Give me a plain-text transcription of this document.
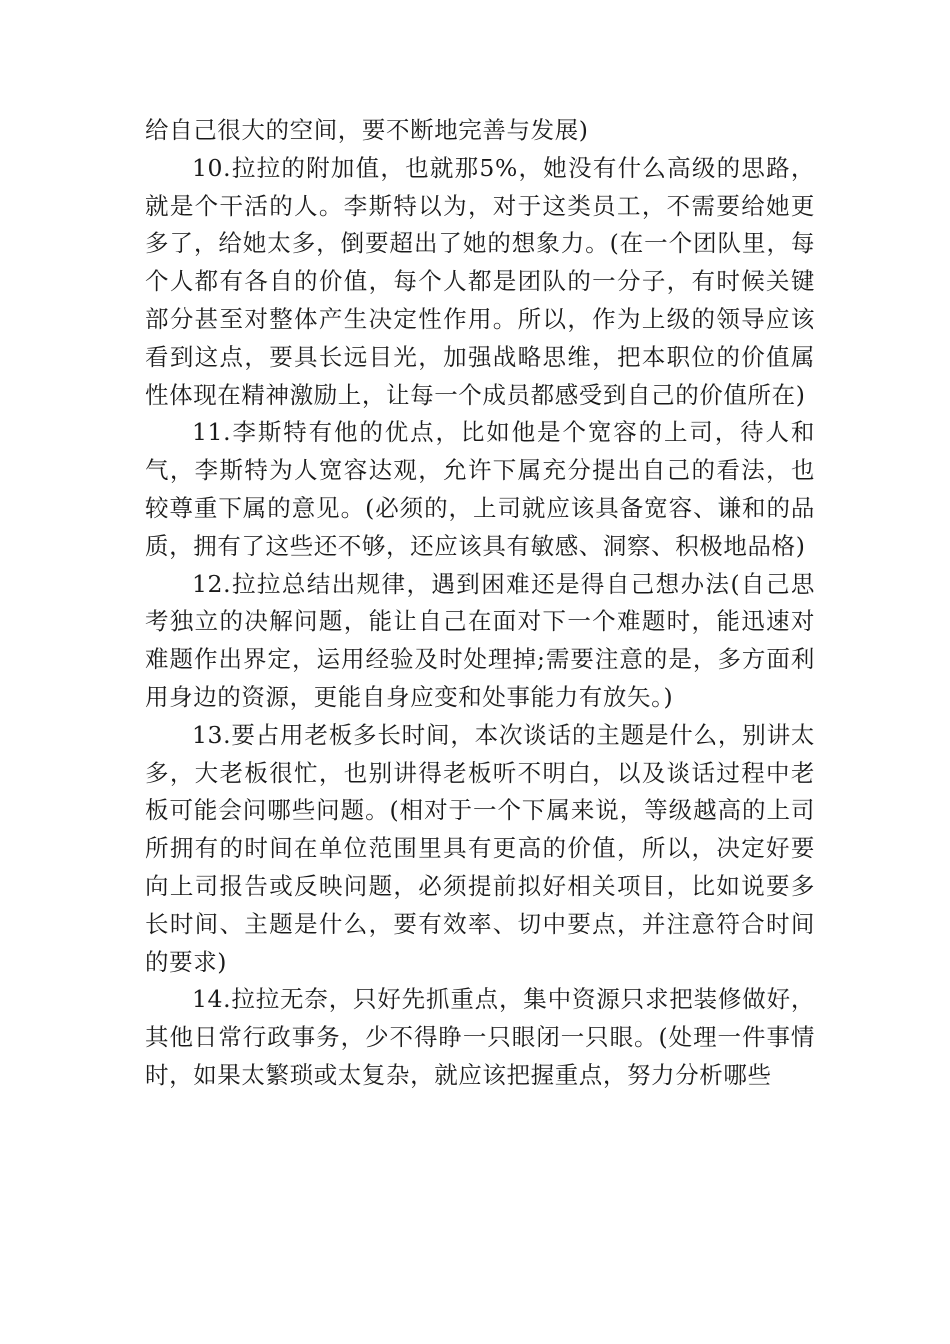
给自己很大的空间，要不断地完善与发展)

10.拉拉的附加值，也就那5%，她没有什么高级的思路，就是个干活的人。李斯特以为，对于这类员工，不需要给她更多了，给她太多，倒要超出了她的想象力。(在一个团队里，每个人都有各自的价值，每个人都是团队的一分子，有时候关键部分甚至对整体产生决定性作用。所以，作为上级的领导应该看到这点，要具长远目光，加强战略思维，把本职位的价值属性体现在精神激励上，让每一个成员都感受到自己的价值所在)

11.李斯特有他的优点，比如他是个宽容的上司，待人和气，李斯特为人宽容达观，允许下属充分提出自己的看法，也较尊重下属的意见。(必须的，上司就应该具备宽容、谦和的品质，拥有了这些还不够，还应该具有敏感、洞察、积极地品格)

12.拉拉总结出规律，遇到困难还是得自己想办法(自己思考独立的决解问题，能让自己在面对下一个难题时，能迅速对难题作出界定，运用经验及时处理掉;需要注意的是，多方面利用身边的资源，更能自身应变和处事能力有放矢。)

13.要占用老板多长时间，本次谈话的主题是什么，别讲太多，大老板很忙，也别讲得老板听不明白，以及谈话过程中老板可能会问哪些问题。(相对于一个下属来说，等级越高的上司所拥有的时间在单位范围里具有更高的价值，所以，决定好要向上司报告或反映问题，必须提前拟好相关项目，比如说要多长时间、主题是什么，要有效率、切中要点，并注意符合时间的要求)

14.拉拉无奈，只好先抓重点，集中资源只求把装修做好，其他日常行政事务，少不得睁一只眼闭一只眼。(处理一件事情时，如果太繁琐或太复杂，就应该把握重点，努力分析哪些
